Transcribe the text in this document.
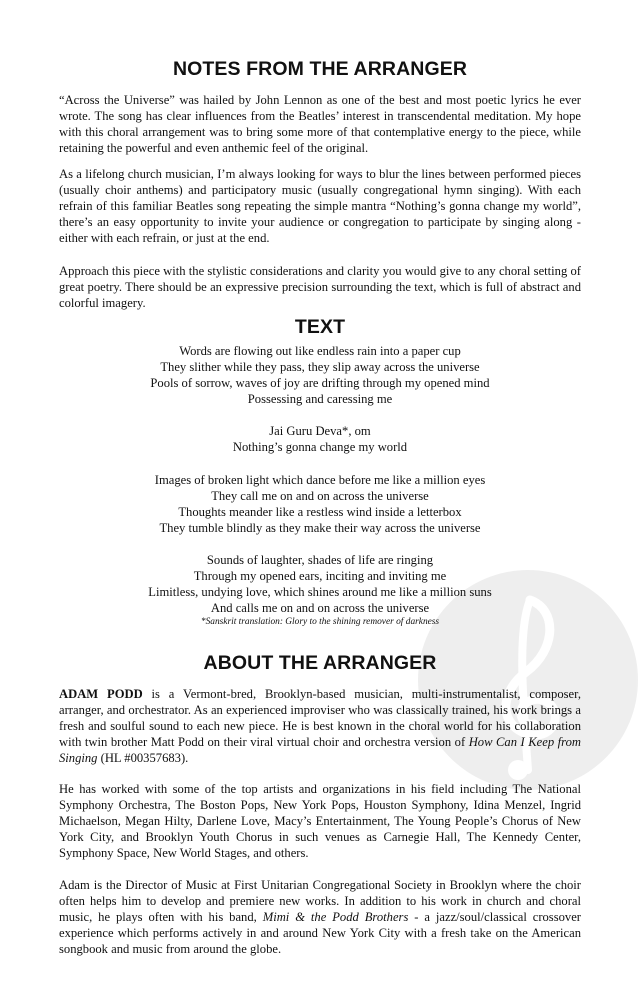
NOTES FROM THE ARRANGER

“Across the Universe” was hailed by John Lennon as one of the best and most poetic lyrics he ever wrote. The song has clear influences from the Beatles’ interest in transcendental meditation. My hope with this choral arrangement was to bring some more of that contemplative energy to the piece, while retaining the powerful and even anthemic feel of the original.

As a lifelong church musician, I’m always looking for ways to blur the lines between performed pieces (usually choir anthems) and participatory music (usually congregational hymn singing). With each refrain of this familiar Beatles song repeating the simple mantra “Nothing’s gonna change my world”, there’s an easy opportunity to invite your audience or congregation to participate by singing along - either with each refrain, or just at the end.

Approach this piece with the stylistic considerations and clarity you would give to any choral setting of great poetry. There should be an expressive precision surrounding the text, which is full of abstract and colorful imagery.

TEXT
Words are flowing out like endless rain into a paper cup
They slither while they pass, they slip away across the universe
Pools of sorrow, waves of joy are drifting through my opened mind
Possessing and caressing me
Jai Guru Deva*, om
Nothing’s gonna change my world
Images of broken light which dance before me like a million eyes
They call me on and on across the universe
Thoughts meander like a restless wind inside a letterbox
They tumble blindly as they make their way across the universe
Sounds of laughter, shades of life are ringing
Through my opened ears, inciting and inviting me
Limitless, undying love, which shines around me like a million suns
And calls me on and on across the universe
*Sanskrit translation: Glory to the shining remover of darkness
ABOUT THE ARRANGER

ADAM PODD is a Vermont-bred, Brooklyn-based musician, multi-instrumentalist, composer, arranger, and orchestrator. As an experienced improviser who was classically trained, his work brings a fresh and soulful sound to each new piece. He is best known in the choral world for his collaboration with twin brother Matt Podd on their viral virtual choir and orchestra version of How Can I Keep from Singing (HL #00357683).

He has worked with some of the top artists and organizations in his field including The National Symphony Orchestra, The Boston Pops, New York Pops, Houston Symphony, Idina Menzel, Ingrid Michaelson, Megan Hilty, Darlene Love, Macy’s Entertainment, The Young People’s Chorus of New York City, and Brooklyn Youth Chorus in such venues as Carnegie Hall, The Kennedy Center, Symphony Space, New World Stages, and others.

Adam is the Director of Music at First Unitarian Congregational Society in Brooklyn where the choir often helps him to develop and premiere new works. In addition to his work in church and choral music, he plays often with his band, Mimi & the Podd Brothers - a jazz/soul/classical crossover experience which performs actively in and around New York City with a fresh take on the American songbook and music from around the globe.
